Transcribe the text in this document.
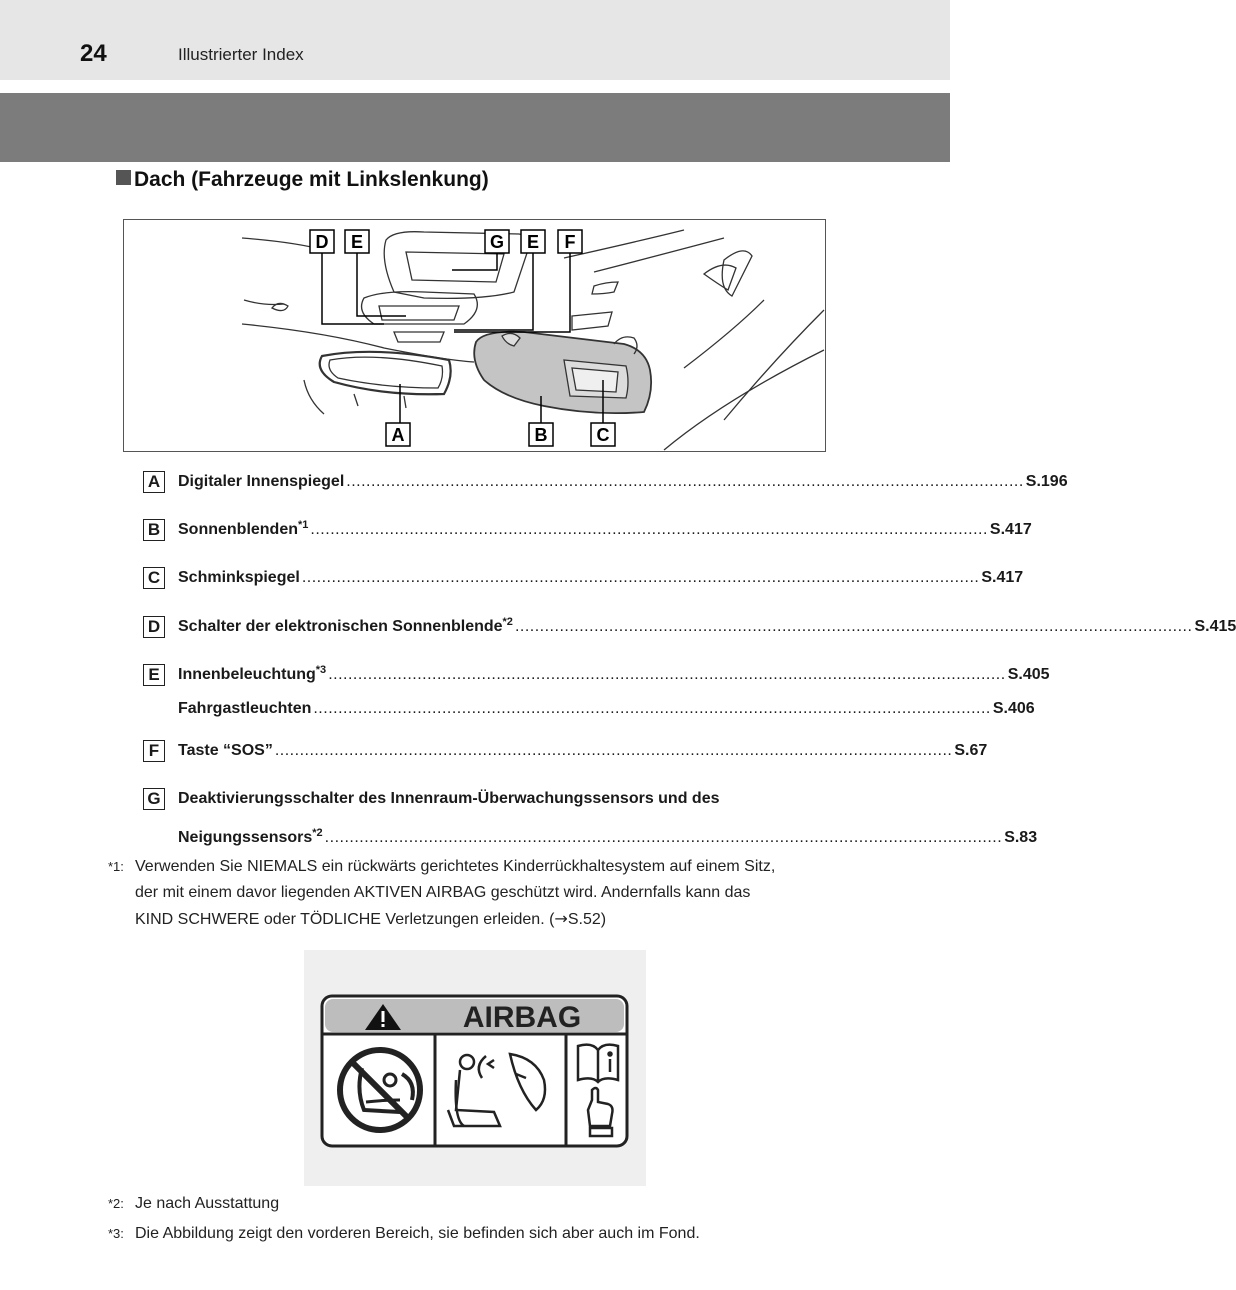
24	Illustrierter Index
Dach (Fahrzeuge mit Linkslenkung)
D E	G E F
A	B	C
A	Digitaler Innenspiegel ......................................................................................................................................... S.196
B	Sonnenblenden$^{*1}$ ......................................................................................................................................... S.417
C	Schminkspiegel ......................................................................................................................................... S.417
D	Schalter der elektronischen Sonnenblende$^{*2}$ ......................................................................................................................................... S.415
E	Innenbeleuchtung$^{*3}$ ......................................................................................................................................... S.405
Fahrgastleuchten ......................................................................................................................................... S.406
F	Taste “SOS” ......................................................................................................................................... S.67
G Deaktivierungsschalter des Innenraum-Überwachungssensors und des
Neigungssensors$^{*2}$ ......................................................................................................................................... S.83
*1: Verwenden Sie NIEMALS ein rückwärts gerichtetes Kinderrückhaltesystem auf einem Sitz,
der mit einem davor liegenden AKTIVEN AIRBAG geschützt wird. Andernfalls kann das
KIND SCHWERE oder TÖDLICHE Verletzungen erleiden. (→S.52)
AIRBAG
*2: Je nach Ausstattung
*3: Die Abbildung zeigt den vorderen Bereich, sie befinden sich aber auch im Fond.
